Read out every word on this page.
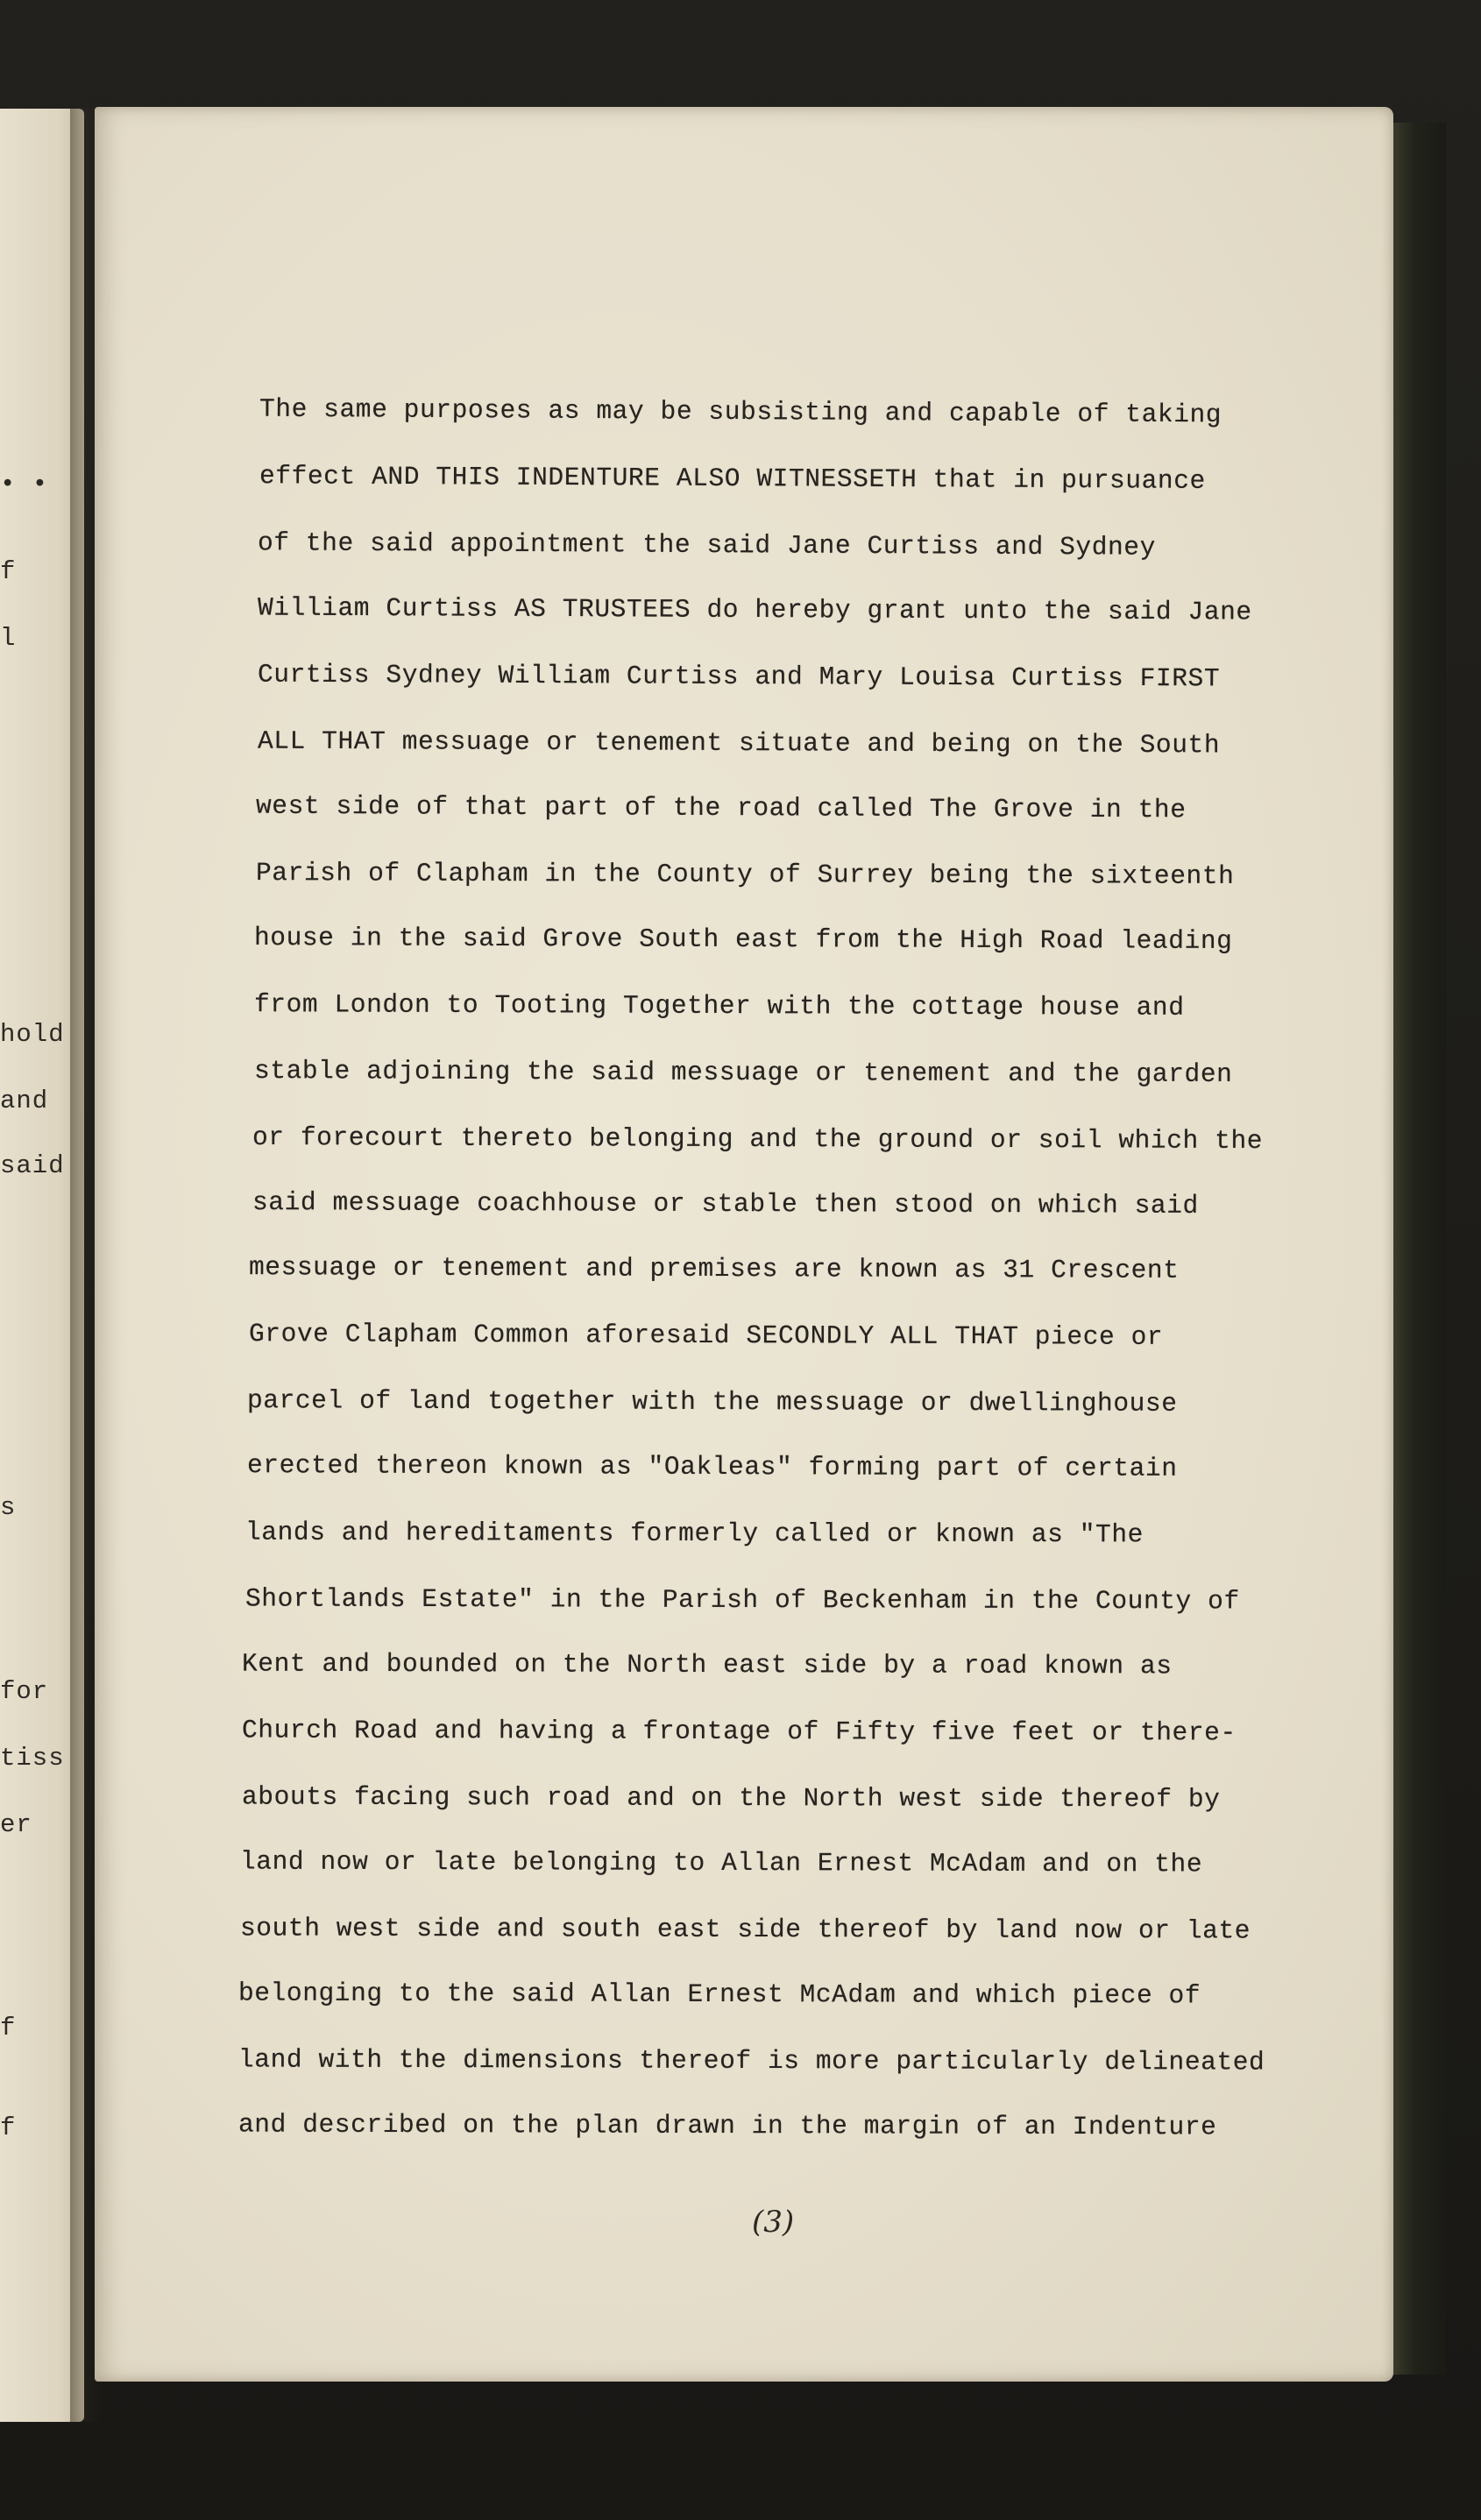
• •
f
l
hold
and
said
s
for
tiss
er
f
f
The same purposes as may be subsisting and capable of taking
effect AND THIS INDENTURE ALSO WITNESSETH that in pursuance
of the said appointment the said Jane Curtiss and Sydney
William Curtiss AS TRUSTEES do hereby grant unto the said Jane
Curtiss Sydney William Curtiss and Mary Louisa Curtiss FIRST
ALL THAT messuage or tenement situate and being on the South
west side of that part of the road called The Grove in the
Parish of Clapham in the County of Surrey being the sixteenth
house in the said Grove South east from the High Road leading
from London to Tooting Together with the cottage house and
stable adjoining the said messuage or tenement and the garden
or forecourt thereto belonging and the ground or soil which the
said messuage coachhouse or stable then stood on which said
messuage or tenement and premises are known as 31 Crescent
Grove Clapham Common aforesaid SECONDLY ALL THAT piece or
parcel of land together with the messuage or dwellinghouse
erected thereon known as "Oakleas" forming part of certain
lands and hereditaments formerly called or known as "The
Shortlands Estate" in the Parish of Beckenham in the County of
Kent and bounded on the North east side by a road known as
Church Road and having a frontage of Fifty five feet or there-
abouts facing such road and on the North west side thereof by
land now or late belonging to Allan Ernest McAdam and on the
south west side and south east side thereof by land now or late
belonging to the said Allan Ernest McAdam and which piece of
land with the dimensions thereof is more particularly delineated
and described on the plan drawn in the margin of an Indenture
(3)
